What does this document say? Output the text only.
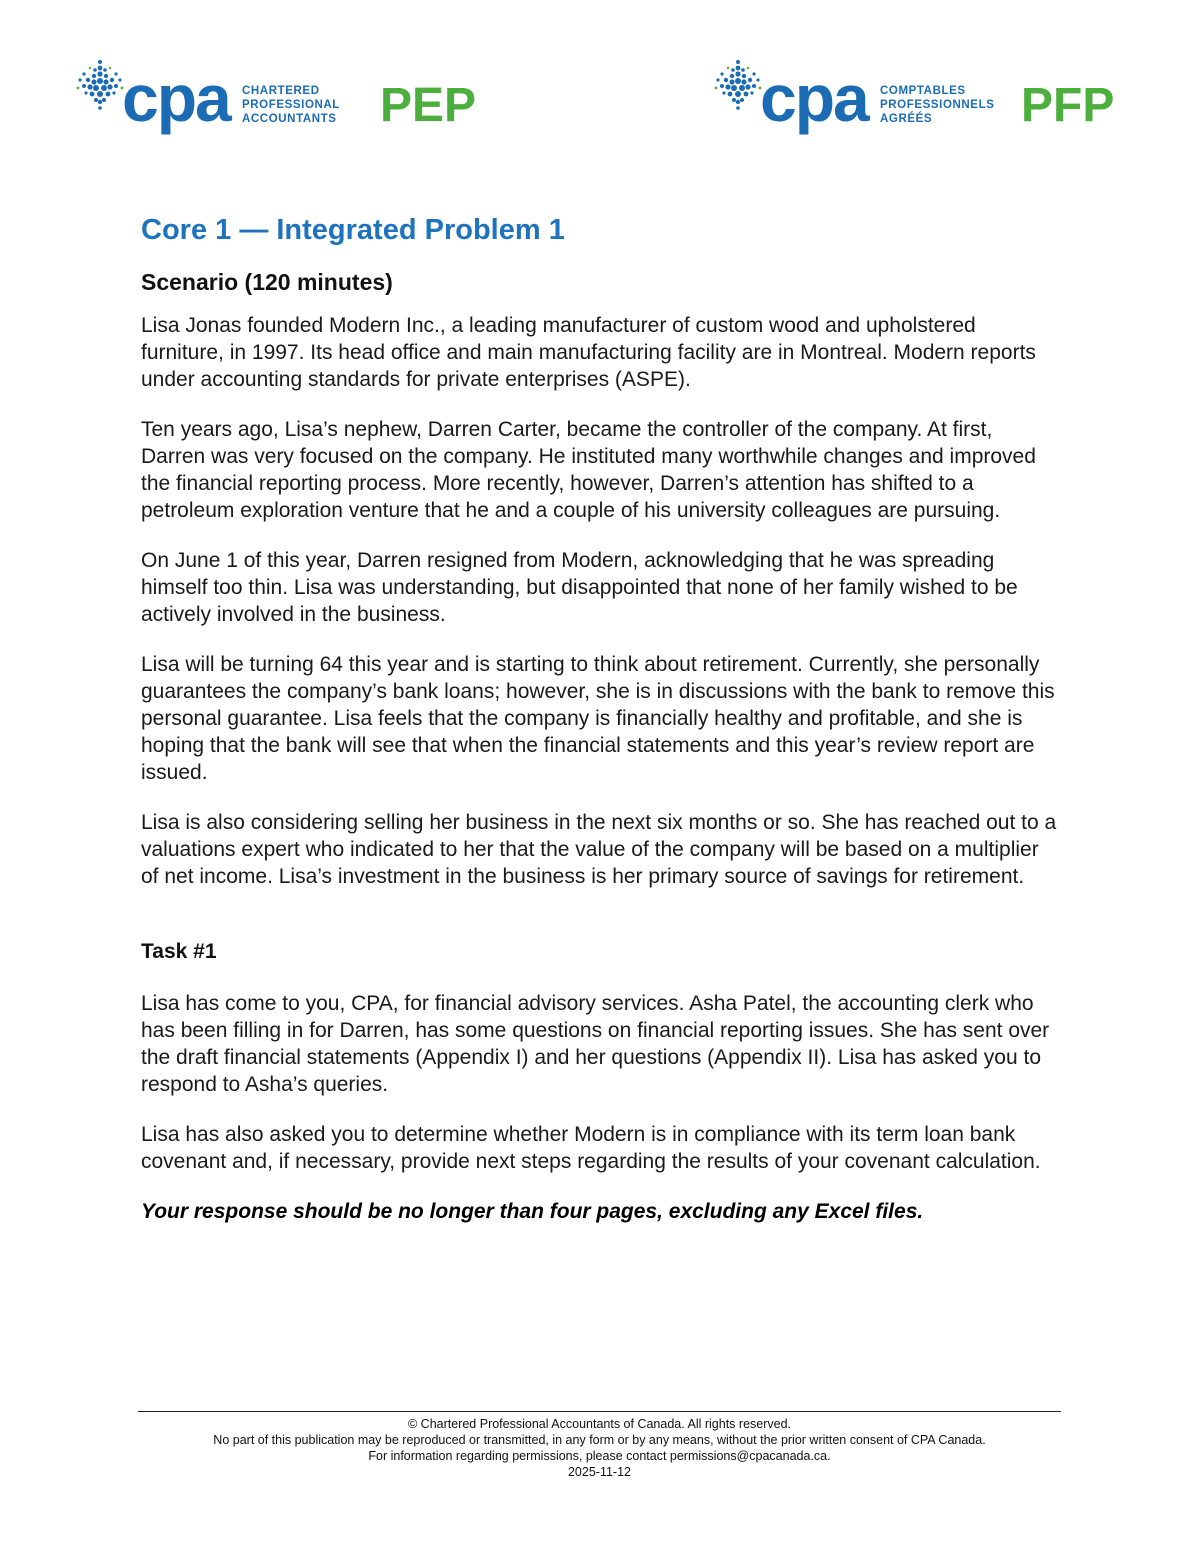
cpa CHARTERED
PROFESSIONAL
ACCOUNTANTS PEP	cpa COMPTABLES
PROFESSIONNELS
AGRÉÉS	PFP
Core 1 — Integrated Problem 1
Scenario (120 minutes)

Lisa Jonas founded Modern Inc., a leading manufacturer of custom wood and upholstered furniture, in 1997. Its head office and main manufacturing facility are in Montreal. Modern reports under accounting standards for private enterprises (ASPE).

Ten years ago, Lisa’s nephew, Darren Carter, became the controller of the company. At first, Darren was very focused on the company. He instituted many worthwhile changes and improved the financial reporting process. More recently, however, Darren’s attention has shifted to a petroleum exploration venture that he and a couple of his university colleagues are pursuing.

On June 1 of this year, Darren resigned from Modern, acknowledging that he was spreading himself too thin. Lisa was understanding, but disappointed that none of her family wished to be actively involved in the business.

Lisa will be turning 64 this year and is starting to think about retirement. Currently, she personally guarantees the company’s bank loans; however, she is in discussions with the bank to remove this personal guarantee. Lisa feels that the company is financially healthy and profitable, and she is hoping that the bank will see that when the financial statements and this year’s review report are issued.

Lisa is also considering selling her business in the next six months or so. She has reached out to a valuations expert who indicated to her that the value of the company will be based on a multiplier of net income. Lisa’s investment in the business is her primary source of savings for retirement.

Task #1

Lisa has come to you, CPA, for financial advisory services. Asha Patel, the accounting clerk who has been filling in for Darren, has some questions on financial reporting issues. She has sent over the draft financial statements (Appendix I) and her questions (Appendix II). Lisa has asked you to respond to Asha’s queries.

Lisa has also asked you to determine whether Modern is in compliance with its term loan bank covenant and, if necessary, provide next steps regarding the results of your covenant calculation.

Your response should be no longer than four pages, excluding any Excel files.

© Chartered Professional Accountants of Canada. All rights reserved.
No part of this publication may be reproduced or transmitted, in any form or by any means, without the prior written consent of CPA Canada.
For information regarding permissions, please contact permissions@cpacanada.ca.
2025-11-12
